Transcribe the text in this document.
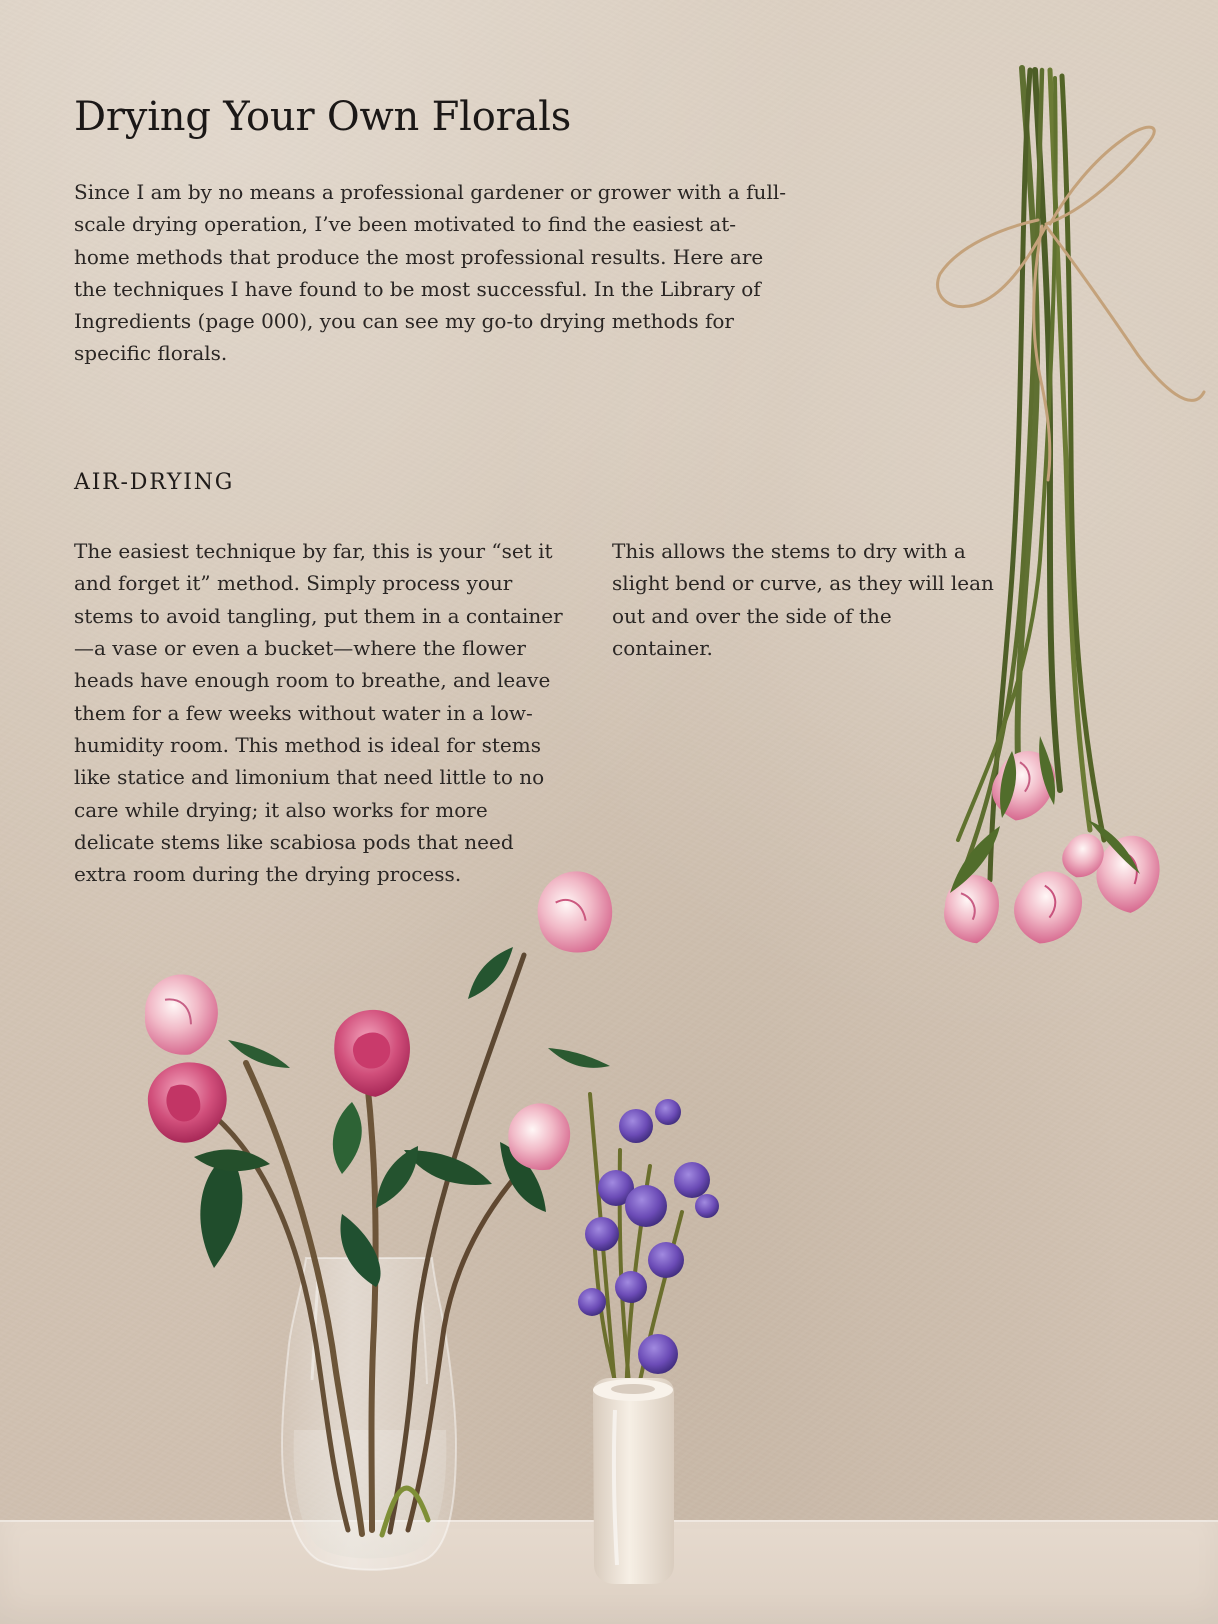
Drying Your Own Florals

Since I am by no means a professional gardener or grower with a full-scale drying operation, I’ve been motivated to find the easiest at-home methods that produce the most professional results. Here are the techniques I have found to be most successful. In the Library of Ingredients (page 000), you can see my go-to drying methods for specific florals.

AIR-DRYING

The easiest technique by far, this is your “set it and forget it” method. Simply process your stems to avoid tangling, put them in a container—a vase or even a bucket—where the flower heads have enough room to breathe, and leave them for a few weeks without water in a low-humidity room. This method is ideal for stems like statice and limonium that need little to no care while drying; it also works for more delicate stems like scabiosa pods that need extra room during the drying process.

This allows the stems to dry with a slight bend or curve, as they will lean out and over the side of the container.
